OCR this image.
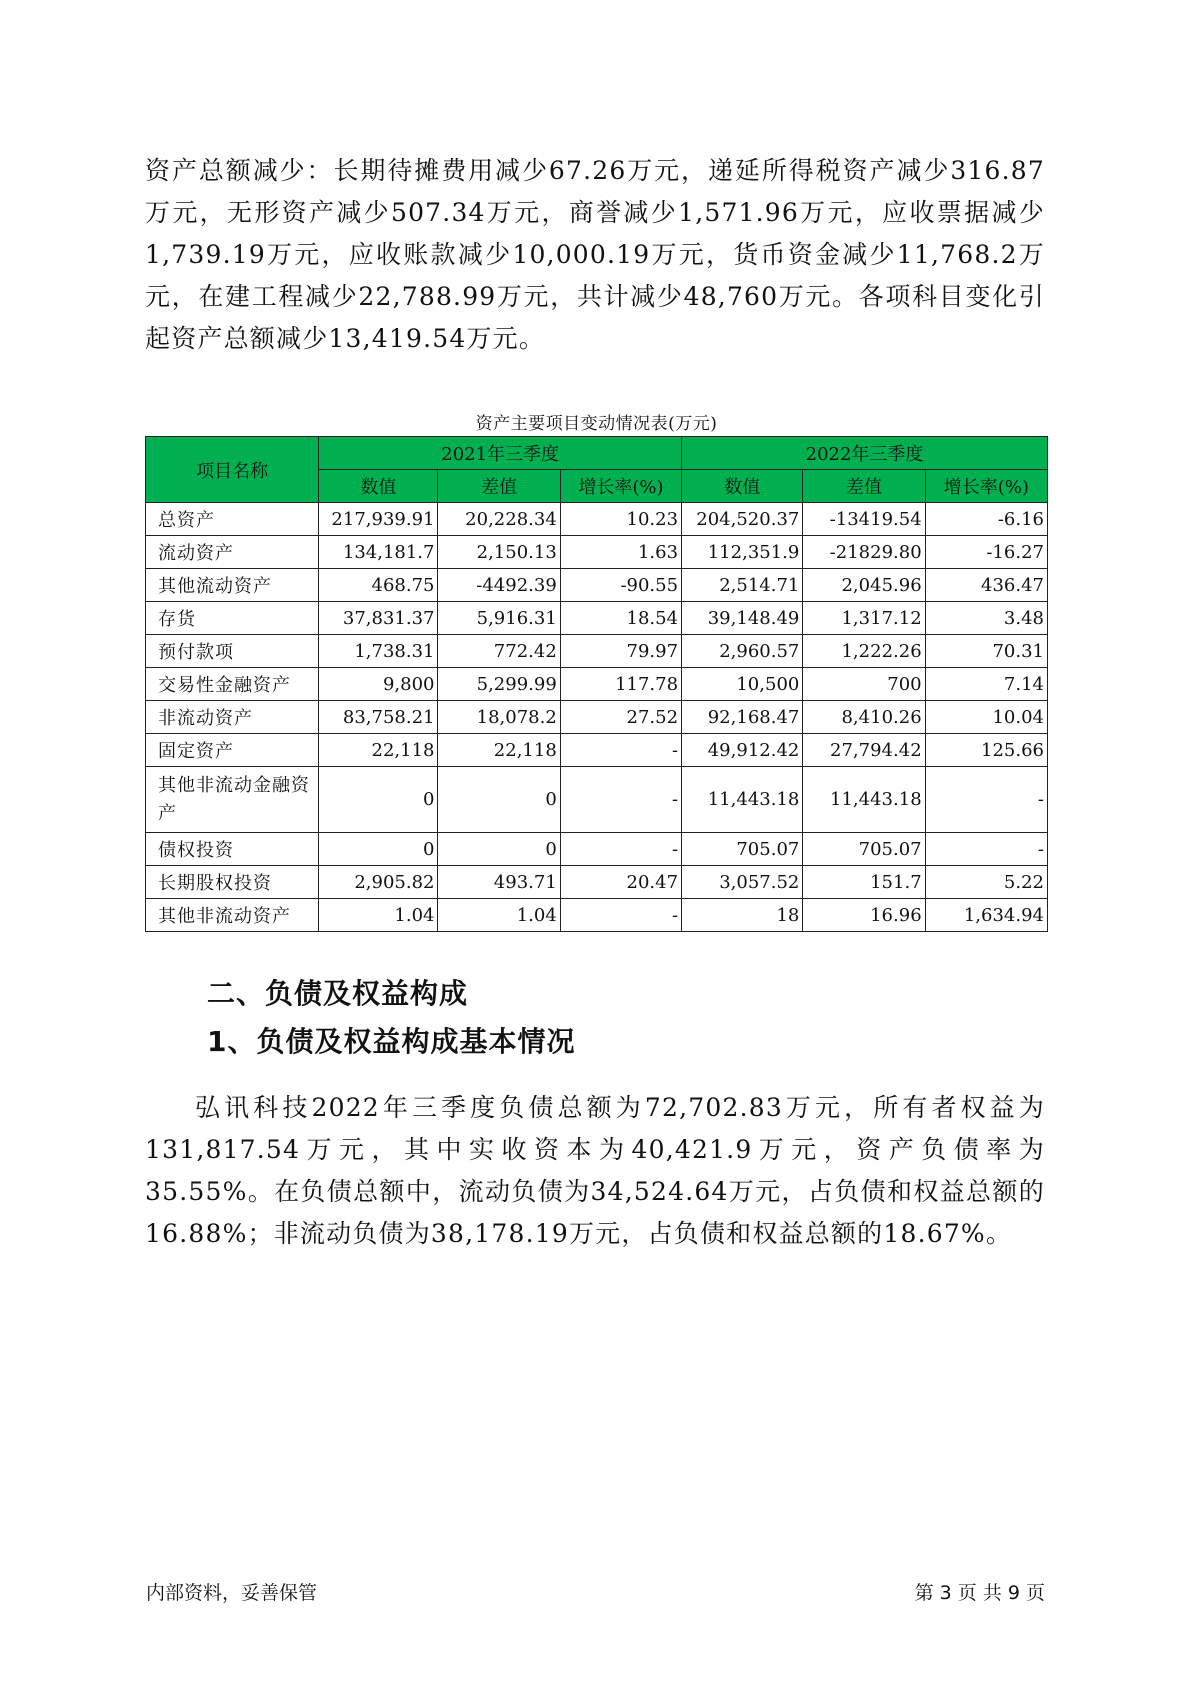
资产总额减少：长期待摊费用减少67.26万元，递延所得税资产减少316.87万元，无形资产减少507.34万元，商誉减少1,571.96万元，应收票据减少1,739.19万元，应收账款减少10,000.19万元，货币资金减少11,768.2万元，在建工程减少22,788.99万元，共计减少48,760万元。各项科目变化引起资产总额减少13,419.54万元。

资产主要项目变动情况表(万元)
项目名称	2021年三季度			2022年三季度		
	数值	差值	增长率(%)	数值	差值	增长率(%)
总资产	217,939.91	20,228.34	10.23	204,520.37	-13419.54	-6.16
流动资产	134,181.7	2,150.13	1.63	112,351.9	-21829.80	-16.27
其他流动资产	468.75	-4492.39	-90.55	2,514.71	2,045.96	436.47
存货	37,831.37	5,916.31	18.54	39,148.49	1,317.12	3.48
预付款项	1,738.31	772.42	79.97	2,960.57	1,222.26	70.31
交易性金融资产	9,800	5,299.99	117.78	10,500	700	7.14
非流动资产	83,758.21	18,078.2	27.52	92,168.47	8,410.26	10.04
固定资产	22,118	22,118	-	49,912.42	27,794.42	125.66
其他非流动金融资产	0	0	-	11,443.18	11,443.18	-
债权投资	0	0	-	705.07	705.07	-
长期股权投资	2,905.82	493.71	20.47	3,057.52	151.7	5.22
其他非流动资产	1.04	1.04	-	18	16.96	1,634.94
二、负债及权益构成
1、负债及权益构成基本情况

弘讯科技2022年三季度负债总额为72,702.83万元，所有者权益为131,817.54万元，其中实收资本为40,421.9万元，资产负债率为35.55%。在负债总额中，流动负债为34,524.64万元，占负债和权益总额的16.88%；非流动负债为38,178.19万元，占负债和权益总额的18.67%。

内部资料，妥善保管	第 3 页 共 9 页
